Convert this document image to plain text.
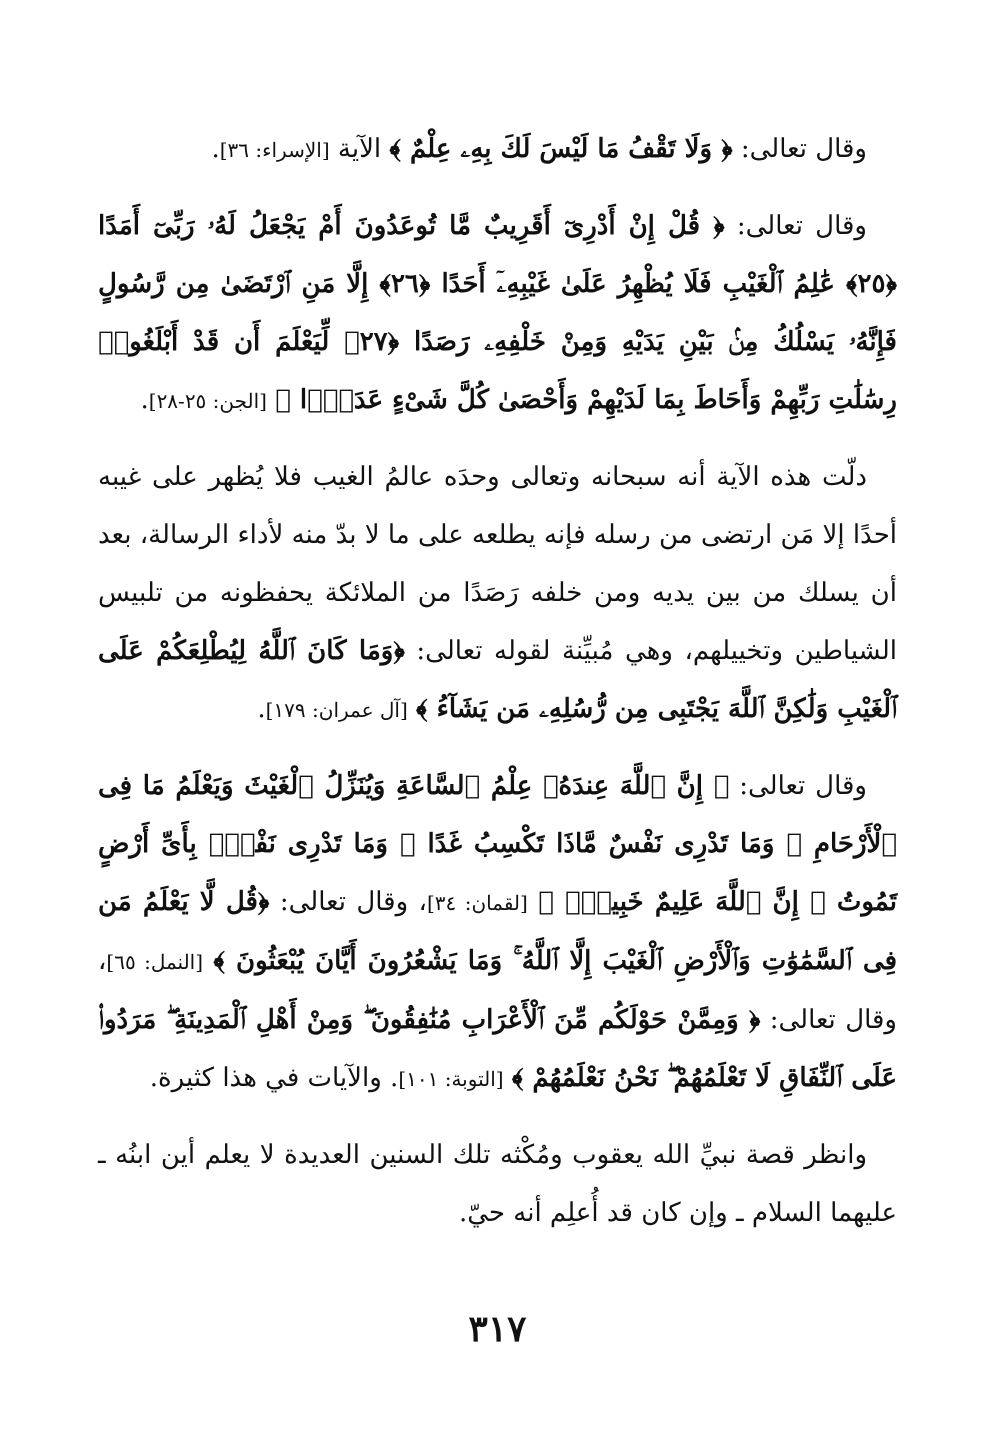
وقال تعالى: ﴿ وَلَا تَقْفُ مَا لَيْسَ لَكَ بِهِۦ عِلْمٌ ﴾ الآية [الإسراء: ٣٦].

وقال تعالى: ﴿ قُلْ إِنْ أَدْرِىٓ أَقَرِيبٌ مَّا تُوعَدُونَ أَمْ يَجْعَلُ لَهُۥ رَبِّىٓ أَمَدًا ﴿٢٥﴾ عَٰلِمُ ٱلْغَيْبِ فَلَا يُظْهِرُ عَلَىٰ غَيْبِهِۦٓ أَحَدًا ﴿٢٦﴾ إِلَّا مَنِ ٱرْتَضَىٰ مِن رَّسُولٍ فَإِنَّهُۥ يَسْلُكُ مِنۢ بَيْنِ يَدَيْهِ وَمِنْ خَلْفِهِۦ رَصَدًا ﴿٢٧﴾ لِّيَعْلَمَ أَن قَدْ أَبْلَغُوا۟ رِسَٰلَٰتِ رَبِّهِمْ وَأَحَاطَ بِمَا لَدَيْهِمْ وَأَحْصَىٰ كُلَّ شَىْءٍ عَدَدًۢا ﴾ [الجن: ٢٥-٢٨].

دلّت هذه الآية أنه سبحانه وتعالى وحدَه عالمُ الغيب فلا يُظهر على غيبه أحدًا إلا مَن ارتضى من رسله فإنه يطلعه على ما لا بدّ منه لأداء الرسالة، بعد أن يسلك من بين يديه ومن خلفه رَصَدًا من الملائكة يحفظونه من تلبيس الشياطين وتخييلهم، وهي مُبيِّنة لقوله تعالى: ﴿وَمَا كَانَ ٱللَّهُ لِيُطْلِعَكُمْ عَلَى ٱلْغَيْبِ وَلَٰكِنَّ ٱللَّهَ يَجْتَبِى مِن رُّسُلِهِۦ مَن يَشَآءُ ﴾ [آل عمران: ١٧٩].

وقال تعالى: ﴿ إِنَّ ٱللَّهَ عِندَهُۥ عِلْمُ ٱلسَّاعَةِ وَيُنَزِّلُ ٱلْغَيْثَ وَيَعْلَمُ مَا فِى ٱلْأَرْحَامِ ۖ وَمَا تَدْرِى نَفْسٌ مَّاذَا تَكْسِبُ غَدًا ۖ وَمَا تَدْرِى نَفْسٌۢ بِأَىِّ أَرْضٍ تَمُوتُ ۚ إِنَّ ٱللَّهَ عَلِيمٌ خَبِيرٌۢ ﴾ [لقمان: ٣٤]، وقال تعالى: ﴿قُل لَّا يَعْلَمُ مَن فِى ٱلسَّمَٰوَٰتِ وَٱلْأَرْضِ ٱلْغَيْبَ إِلَّا ٱللَّهُ ۚ وَمَا يَشْعُرُونَ أَيَّانَ يُبْعَثُونَ ﴾ [النمل: ٦٥]، وقال تعالى: ﴿ وَمِمَّنْ حَوْلَكُم مِّنَ ٱلْأَعْرَابِ مُنَٰفِقُونَ ۖ وَمِنْ أَهْلِ ٱلْمَدِينَةِ ۖ مَرَدُوا۟ عَلَى ٱلنِّفَاقِ لَا تَعْلَمُهُمْ ۖ نَحْنُ نَعْلَمُهُمْ ﴾ [التوبة: ١٠١]. والآيات في هذا كثيرة.

وانظر قصة نبيِّ الله يعقوب ومُكْثه تلك السنين العديدة لا يعلم أين ابنُه ـ عليهما السلام ـ وإن كان قد أُعلِم أنه حيّ.

٣١٧
